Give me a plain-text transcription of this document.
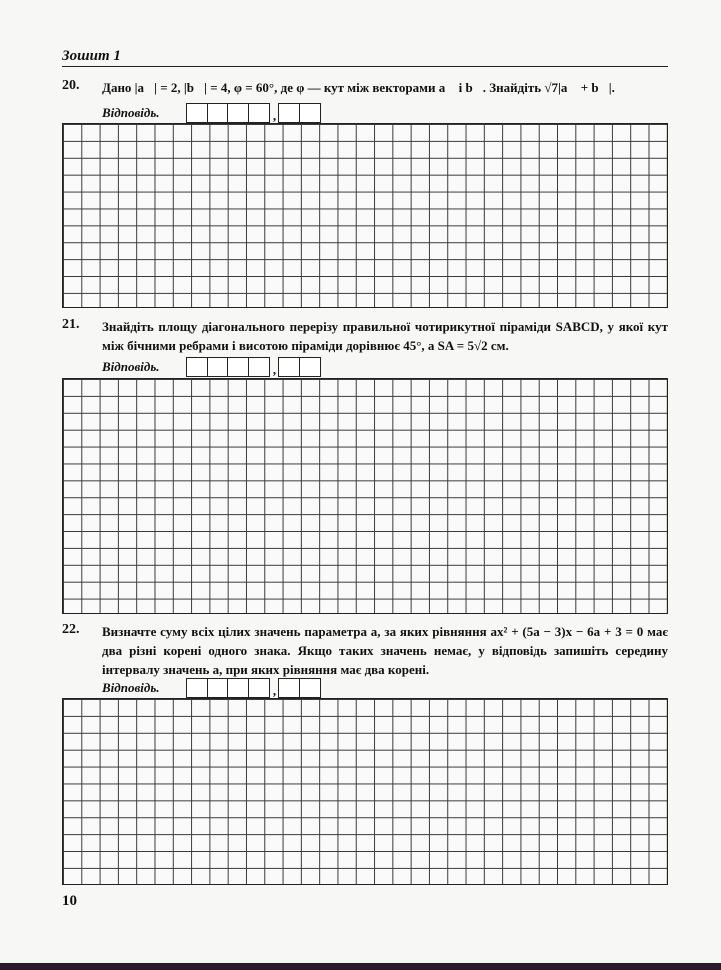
Зошит 1
20. Дано |a⃗| = 2, |b⃗| = 4, φ = 60°, де φ — кут між векторами a⃗ і b⃗. Знайдіть √7|a⃗ + b⃗|.
Відповідь.	,
21. Знайдіть площу діагонального перерізу правильної чотирикутної піраміди SABCD, у якої кут між бічними ребрами і висотою піраміди дорівнює 45°, а SA = 5√2 см.
Відповідь.	,
22. Визначте суму всіх цілих значень параметра a, за яких рівняння ax² + (5a − 3)x − 6a + 3 = 0 має два різні корені одного знака. Якщо таких значень немає, у відповідь запишіть середину інтервалу значень a, при яких рівняння має два корені.
Відповідь.	,
10
